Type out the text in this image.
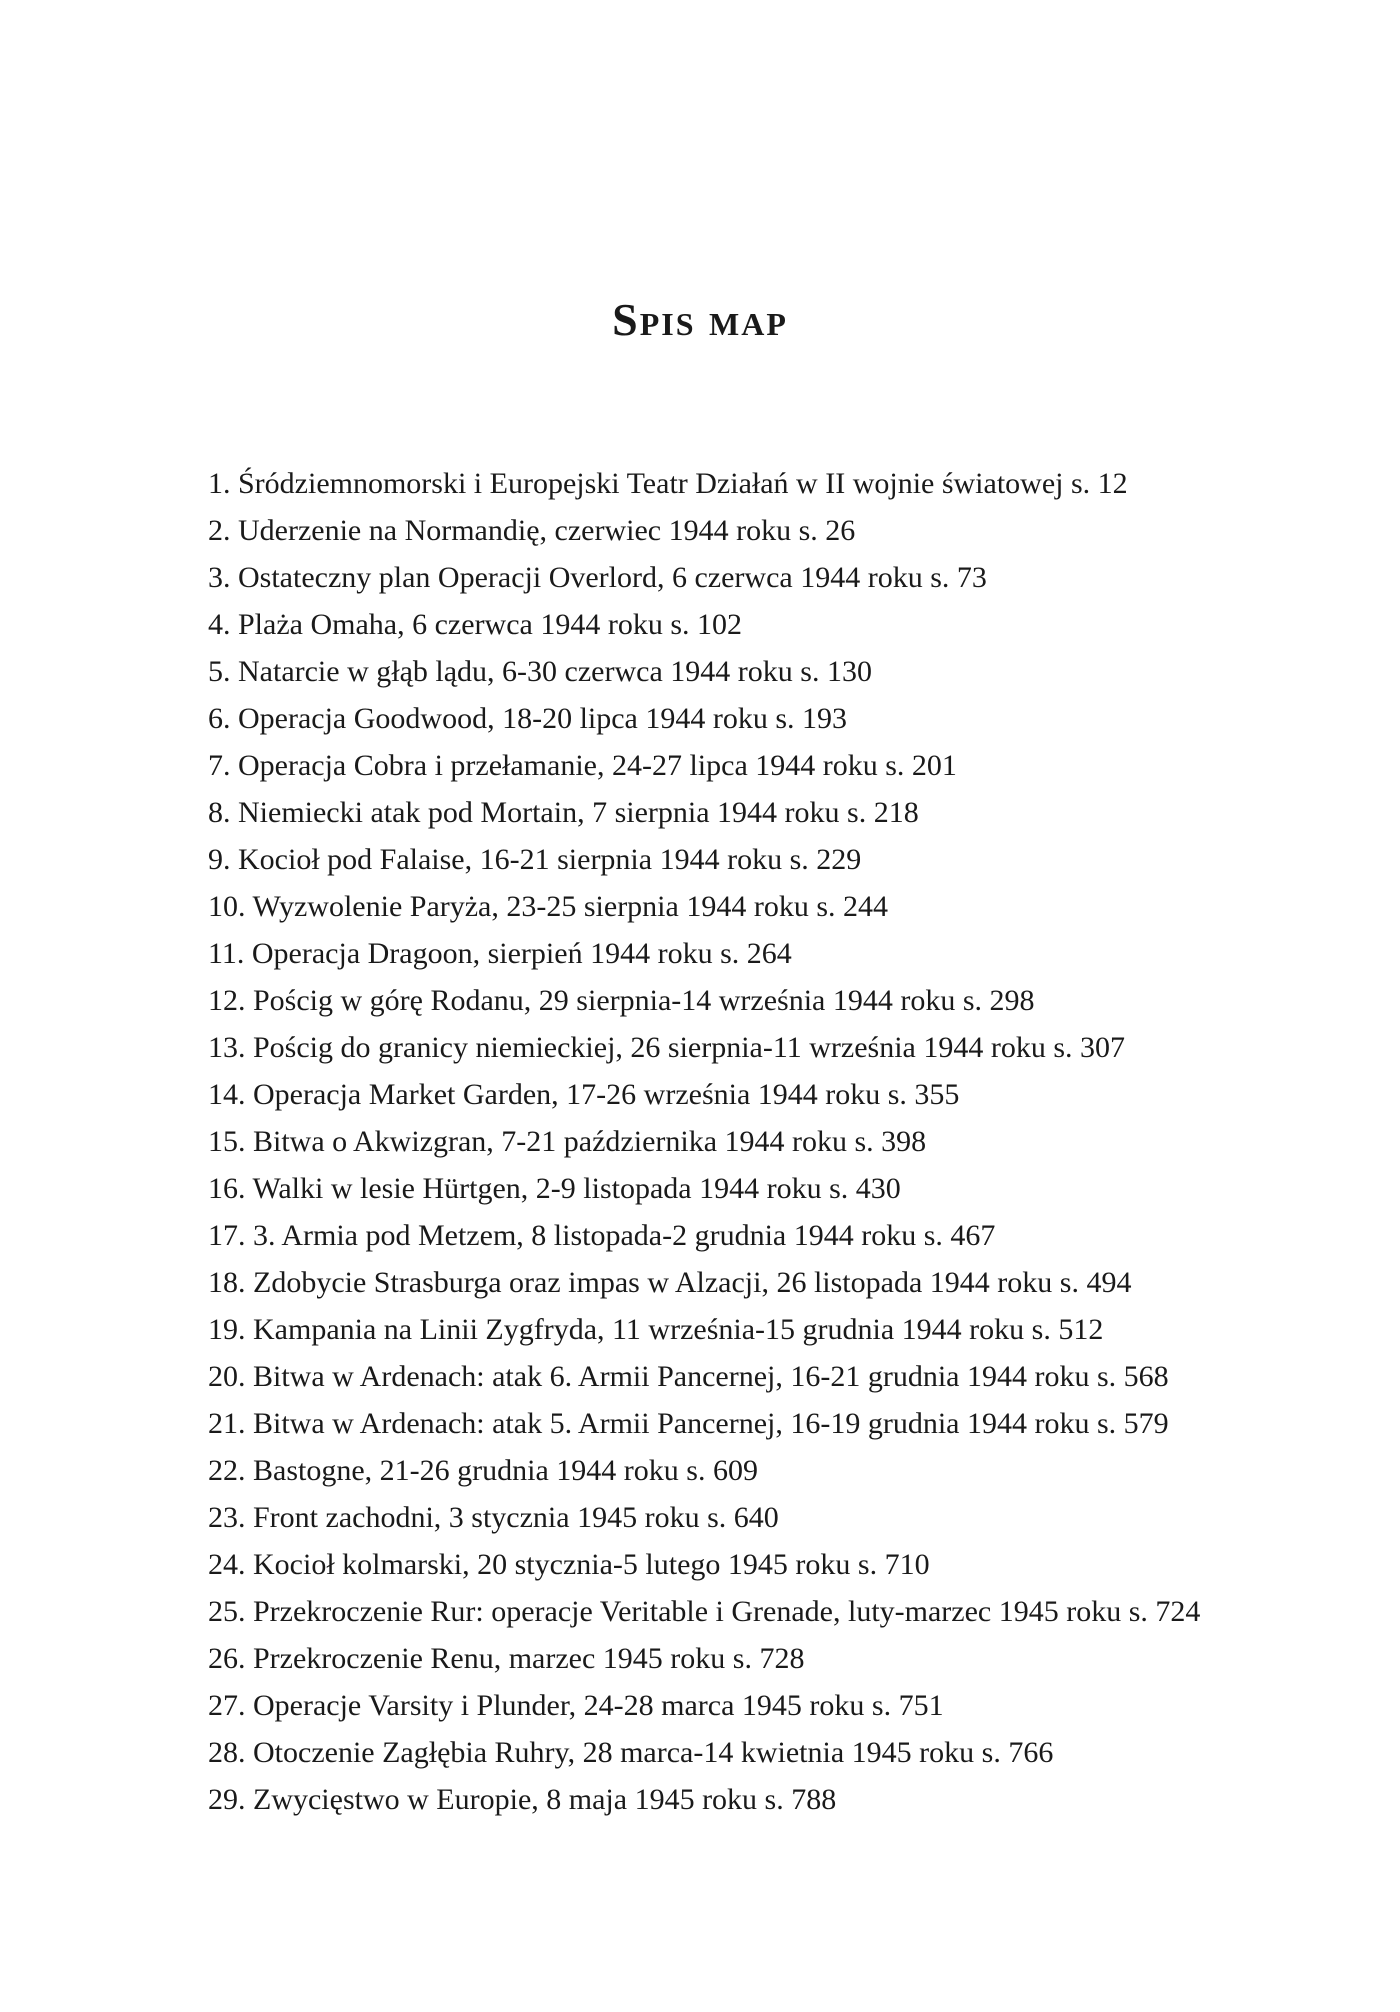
Spis map
1. Śródziemnomorski i Europejski Teatr Działań w II wojnie światowej s. 12
2. Uderzenie na Normandię, czerwiec 1944 roku s. 26
3. Ostateczny plan Operacji Overlord, 6 czerwca 1944 roku s. 73
4. Plaża Omaha, 6 czerwca 1944 roku s. 102
5. Natarcie w głąb lądu, 6-30 czerwca 1944 roku s. 130
6. Operacja Goodwood, 18-20 lipca 1944 roku s. 193
7. Operacja Cobra i przełamanie, 24-27 lipca 1944 roku s. 201
8. Niemiecki atak pod Mortain, 7 sierpnia 1944 roku s. 218
9. Kocioł pod Falaise, 16-21 sierpnia 1944 roku s. 229
10. Wyzwolenie Paryża, 23-25 sierpnia 1944 roku s. 244
11. Operacja Dragoon, sierpień 1944 roku s. 264
12. Pościg w górę Rodanu, 29 sierpnia-14 września 1944 roku s. 298
13. Pościg do granicy niemieckiej, 26 sierpnia-11 września 1944 roku s. 307
14. Operacja Market Garden, 17-26 września 1944 roku s. 355
15. Bitwa o Akwizgran, 7-21 października 1944 roku s. 398
16. Walki w lesie Hürtgen, 2-9 listopada 1944 roku s. 430
17. 3. Armia pod Metzem, 8 listopada-2 grudnia 1944 roku s. 467
18. Zdobycie Strasburga oraz impas w Alzacji, 26 listopada 1944 roku s. 494
19. Kampania na Linii Zygfryda, 11 września-15 grudnia 1944 roku s. 512
20. Bitwa w Ardenach: atak 6. Armii Pancernej, 16-21 grudnia 1944 roku s. 568
21. Bitwa w Ardenach: atak 5. Armii Pancernej, 16-19 grudnia 1944 roku s. 579
22. Bastogne, 21-26 grudnia 1944 roku s. 609
23. Front zachodni, 3 stycznia 1945 roku s. 640
24. Kocioł kolmarski, 20 stycznia-5 lutego 1945 roku s. 710
25. Przekroczenie Rur: operacje Veritable i Grenade, luty-marzec 1945 roku s. 724
26. Przekroczenie Renu, marzec 1945 roku s. 728
27. Operacje Varsity i Plunder, 24-28 marca 1945 roku s. 751
28. Otoczenie Zagłębia Ruhry, 28 marca-14 kwietnia 1945 roku s. 766
29. Zwycięstwo w Europie, 8 maja 1945 roku s. 788
